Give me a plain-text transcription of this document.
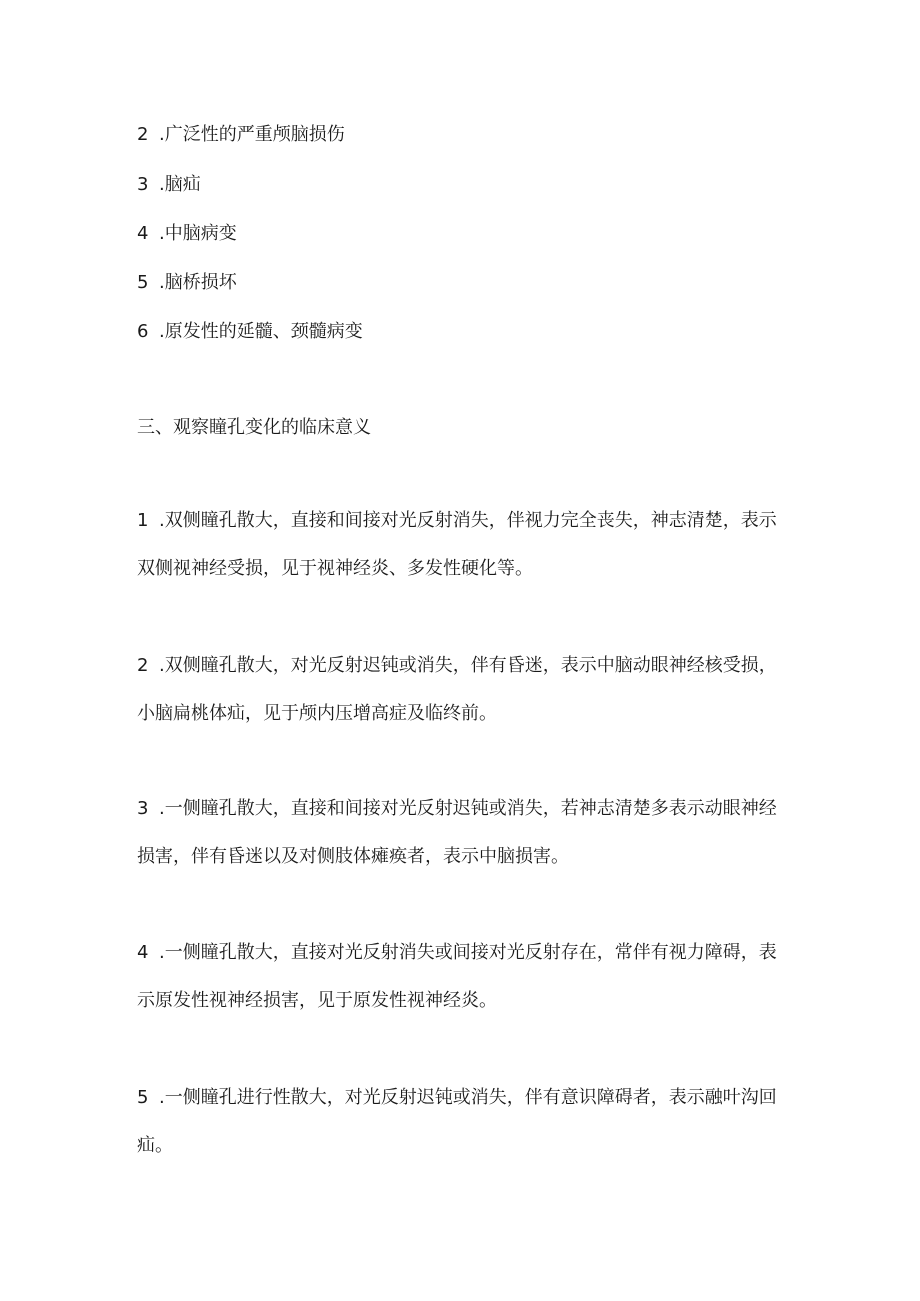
2 .广泛性的严重颅脑损伤
3 .脑疝
4 .中脑病变
5 .脑桥损坏
6 .原发性的延髓、颈髓病变
三、观察瞳孔变化的临床意义
1 .双侧瞳孔散大，直接和间接对光反射消失，伴视力完全丧失，神志清楚，表示双侧视神经受损，见于视神经炎、多发性硬化等。
2 .双侧瞳孔散大，对光反射迟钝或消失，伴有昏迷，表示中脑动眼神经核受损，小脑扁桃体疝，见于颅内压增高症及临终前。
3 .一侧瞳孔散大，直接和间接对光反射迟钝或消失，若神志清楚多表示动眼神经损害，伴有昏迷以及对侧肢体瘫痪者，表示中脑损害。
4 .一侧瞳孔散大，直接对光反射消失或间接对光反射存在，常伴有视力障碍，表示原发性视神经损害，见于原发性视神经炎。
5 .一侧瞳孔进行性散大，对光反射迟钝或消失，伴有意识障碍者，表示融叶沟回疝。
